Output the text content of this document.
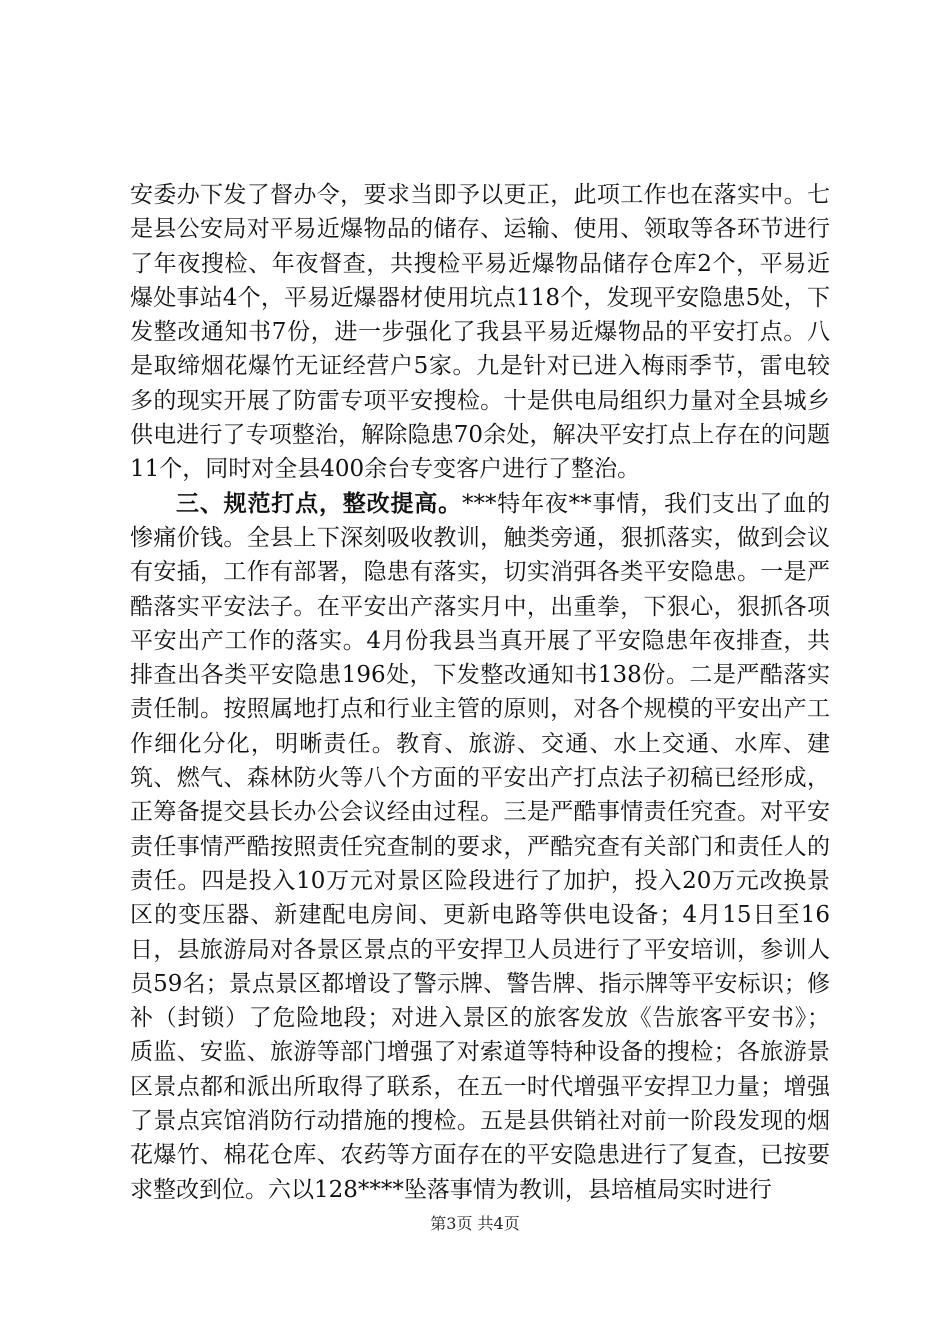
安委办下发了督办令，要求当即予以更正，此项工作也在落实中。七是县公安局对平易近爆物品的储存、运输、使用、领取等各环节进行了年夜搜检、年夜督查，共搜检平易近爆物品储存仓库2个，平易近爆处事站4个，平易近爆器材使用坑点118个，发现平安隐患5处，下发整改通知书7份，进一步强化了我县平易近爆物品的平安打点。八是取缔烟花爆竹无证经营户5家。九是针对已进入梅雨季节，雷电较多的现实开展了防雷专项平安搜检。十是供电局组织力量对全县城乡供电进行了专项整治，解除隐患70余处，解决平安打点上存在的问题11个，同时对全县400余台专变客户进行了整治。

三、规范打点，整改提高。***特年夜**事情，我们支出了血的惨痛价钱。全县上下深刻吸收教训，触类旁通，狠抓落实，做到会议有安插，工作有部署，隐患有落实，切实消弭各类平安隐患。一是严酷落实平安法子。在平安出产落实月中，出重拳，下狠心，狠抓各项平安出产工作的落实。4月份我县当真开展了平安隐患年夜排查，共排查出各类平安隐患196处，下发整改通知书138份。二是严酷落实责任制。按照属地打点和行业主管的原则，对各个规模的平安出产工作细化分化，明晰责任。教育、旅游、交通、水上交通、水库、建筑、燃气、森林防火等八个方面的平安出产打点法子初稿已经形成，正筹备提交县长办公会议经由过程。三是严酷事情责任究查。对平安责任事情严酷按照责任究查制的要求，严酷究查有关部门和责任人的责任。四是投入10万元对景区险段进行了加护，投入20万元改换景区的变压器、新建配电房间、更新电路等供电设备；4月15日至16日，县旅游局对各景区景点的平安捍卫人员进行了平安培训，参训人员59名；景点景区都增设了警示牌、警告牌、指示牌等平安标识；修补（封锁）了危险地段；对进入景区的旅客发放《告旅客平安书》；质监、安监、旅游等部门增强了对索道等特种设备的搜检；各旅游景区景点都和派出所取得了联系，在五一时代增强平安捍卫力量；增强了景点宾馆消防行动措施的搜检。五是县供销社对前一阶段发现的烟花爆竹、棉花仓库、农药等方面存在的平安隐患进行了复查，已按要求整改到位。六以128****坠落事情为教训，县培植局实时进行

第3页 共4页
